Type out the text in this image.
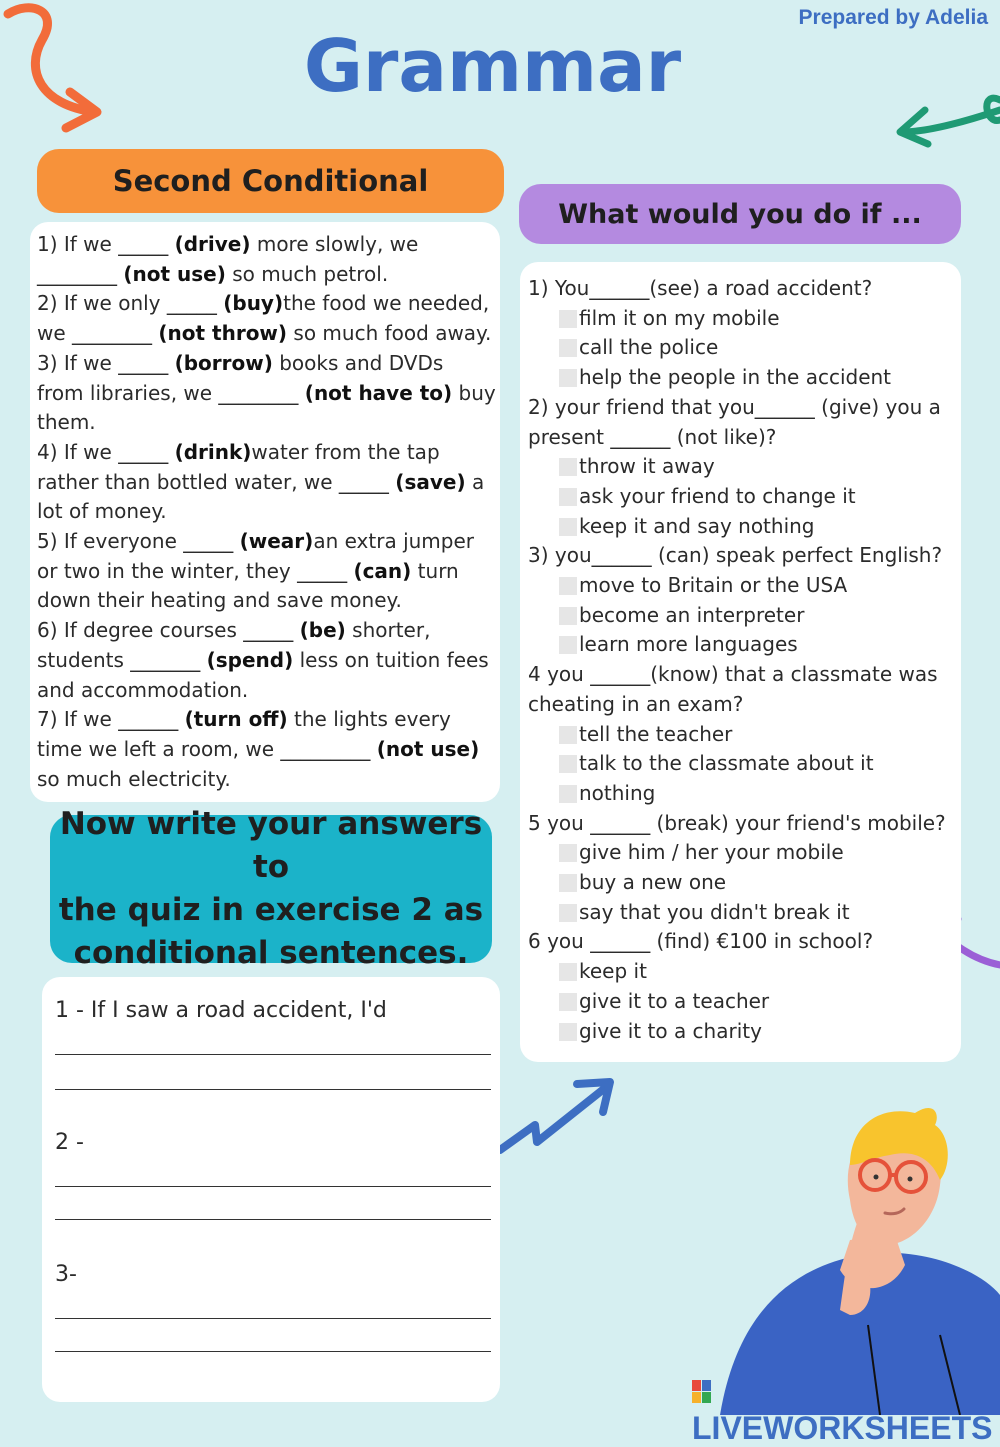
Prepared by Adelia
Grammar
Second Conditional

1) If we _____ (drive) more slowly, we
________ (not use) so much petrol.

2) If we only _____ (buy)the food we needed,
we ________ (not throw) so much food away.

3) If we _____ (borrow) books and DVDs
from libraries, we ________ (not have to) buy
them.

4) If we _____ (drink)water from the tap
rather than bottled water, we _____ (save) a
lot of money.

5) If everyone _____ (wear)an extra jumper
or two in the winter, they _____ (can) turn
down their heating and save money.

6) If degree courses _____ (be) shorter,
students _______ (spend) less on tuition fees
and accommodation.

7) If we ______ (turn off) the lights every
time we left a room, we _________ (not use)
so much electricity.

What would you do if ...
1) You______(see) a road accident?
film it on my mobile
call the police
help the people in the accident
2) your friend that you______ (give) you a
present ______ (not like)?
throw it away
ask your friend to change it
keep it and say nothing
3) you______ (can) speak perfect English?
move to Britain or the USA
become an interpreter
learn more languages
4 you ______(know) that a classmate was
cheating in an exam?
tell the teacher
talk to the classmate about it
nothing
5 you ______ (break) your friend's mobile?
give him / her your mobile
buy a new one
say that you didn't break it
6 you ______ (find) €100 in school?
keep it
give it to a teacher
give it to a charity
Now write your answers to
the quiz in exercise 2 as
conditional sentences.
1 - If I saw a road accident, I'd
2 -
3-
LIVEWORKSHEETS
